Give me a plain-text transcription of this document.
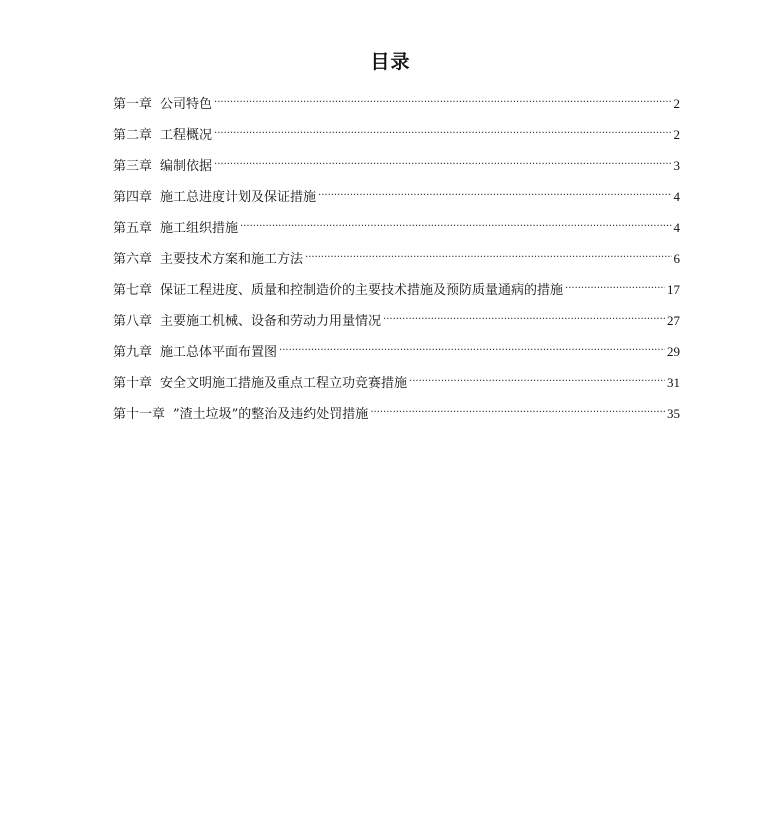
目录
第一章 公司特色 .....	2
第二章 工程概况 .....	2
第三章 编制依据 .....	3
第四章 施工总进度计划及保证措施 .....	4
第五章 施工组织措施 .....	4
第六章 主要技术方案和施工方法 .....	6
第七章 保证工程进度、质量和控制造价的主要技术措施及预防质量通病的措施 .....	17
第八章 主要施工机械、设备和劳动力用量情况 .....	27
第九章 施工总体平面布置图 .....	29
第十章 安全文明施工措施及重点工程立功竞赛措施 .....	31
第十一章 ”渣土垃圾”的整治及违约处罚措施 .....	35
